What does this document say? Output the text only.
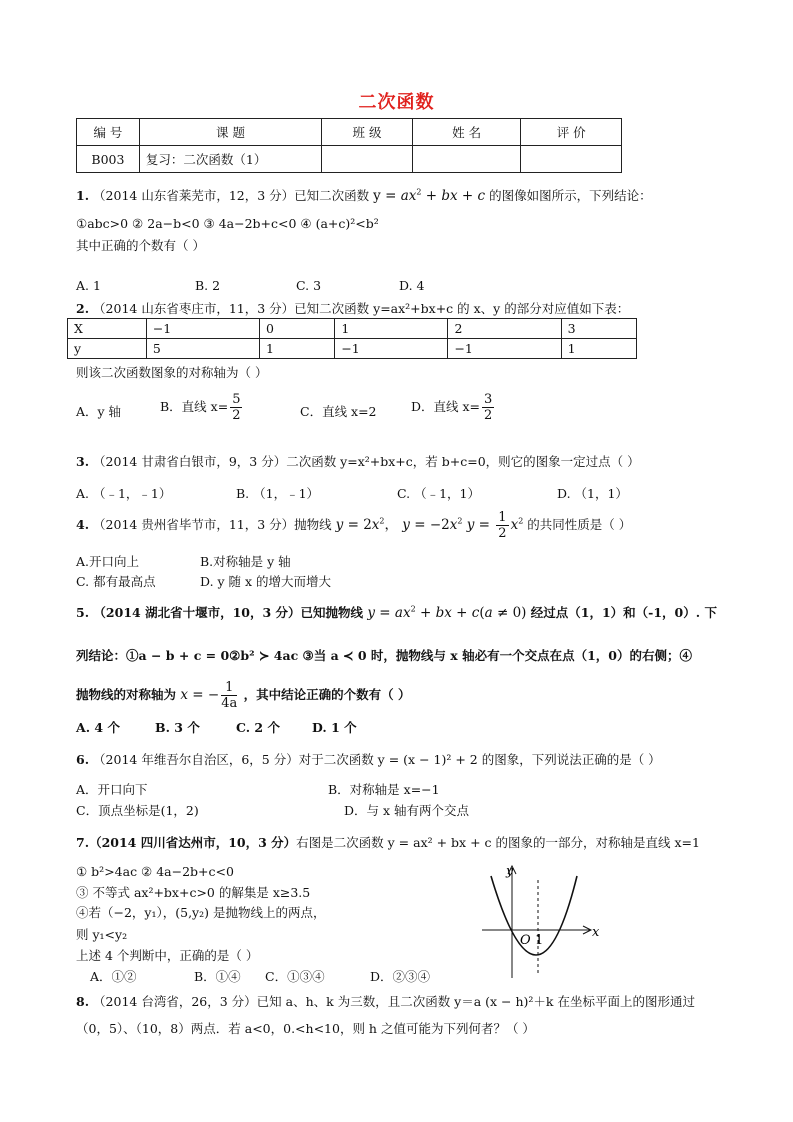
二次函数
编 号	课 题	班 级	姓 名	评 价
B003	复习：二次函数（1）			
1. （2014 山东省莱芜市，12，3 分）已知二次函数 $y = ax^2$ + bx + c 的图像如图所示，下列结论：
①abc>0 ② 2a−b<0 ③ 4a−2b+c<0 ④ (a+c)²<b²
其中正确的个数有（ ）
A. 1	B. 2	C. 3	D. 4
2. （2014 山东省枣庄市，11，3 分）已知二次函数 y=ax²+bx+c 的 x、y 的部分对应值如下表：
X	−1	0	1	2	3
y	5	1	−1	−1	1
则该二次函数图象的对称轴为（ ）
A．y 轴	B．直线 $x= \frac{5}{2}$	C．直线 x=2	D．直线 $x= \frac{3}{2}$
3. （2014 甘肃省白银市，9，3 分）二次函数 y=x²+bx+c，若 b+c=0，则它的图象一定过点（ ）
A. （﹣1，﹣1）	B. （1，﹣1）	C. （﹣1，1）	D. （1，1）
4. （2014 贵州省毕节市，11，3 分）抛物线 $y = 2x^2$， $y = -2x^2$ $y = \frac{1}{2} x^2$ 的共同性质是（ ）
A.开口向上	B.对称轴是 y 轴
C. 都有最高点	D. y 随 x 的增大而增大
5. （2014 湖北省十堰市，10，3 分）已知抛物线 $y = ax^2$ + bx + c(a ≠ 0) 经过点（1，1）和（-1，0）. 下
列结论：①a − b + c = 0②b² ≻ 4ac ③当 a ≺ 0 时，抛物线与 x 轴必有一个交点在点（1，0）的右侧；④
抛物线的对称轴为 x = − $\frac{1}{4a}$ ，其中结论正确的个数有（ ）
A. 4 个	B. 3 个	C. 2 个	D. 1 个
6. （2014 年维吾尔自治区，6，5 分）对于二次函数 y = (x − 1)² + 2 的图象，下列说法正确的是（ ）
A．开口向下	B．对称轴是 x=−1
C．顶点坐标是(1，2)	D．与 x 轴有两个交点
7.（2014 四川省达州市，10，3 分）右图是二次函数 y = ax² + bx + c 的图象的一部分，对称轴是直线 x=1
① b²>4ac ② 4a−2b+c<0
③ 不等式 ax²+bx+c>0 的解集是 x≥3.5
④若（−2，y₁），(5,y₂) 是抛物线上的两点，
则 y₁<y₂
上述 4 个判断中，正确的是（ ）
A．①②	B．①④ C．①③④	D．②③④
y
x
O 1
8. （2014 台湾省，26，3 分）已知 a、h、k 为三数，且二次函数 y＝a (x − h)²＋k 在坐标平面上的图形通过
（0，5）、（10，8）两点．若 a<0，0.<h<10，则 h 之值可能为下列何者？（ ）
